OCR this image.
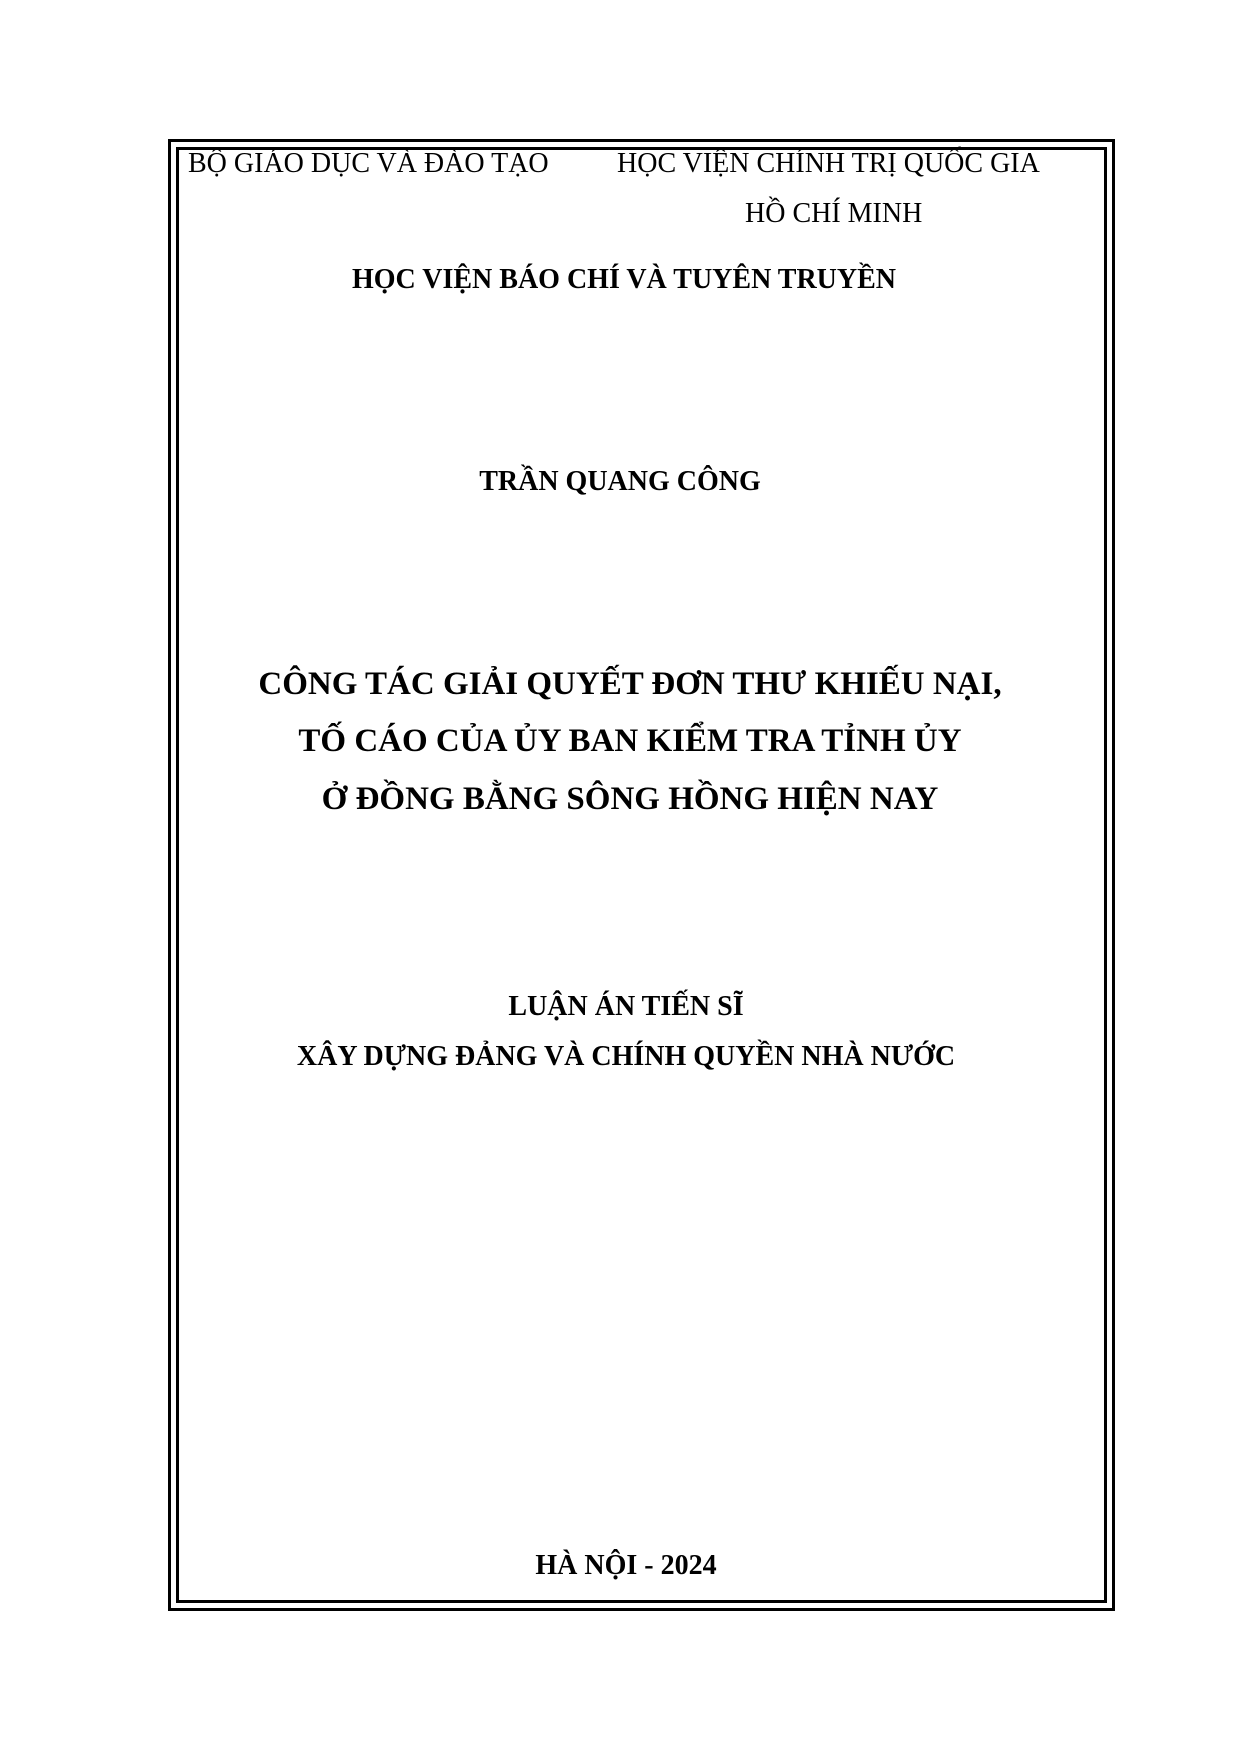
BỘ GIÁO DỤC VÀ ĐÀO TẠO HỌC VIỆN CHÍNH TRỊ QUỐC GIA
HỒ CHÍ MINH
HỌC VIỆN BÁO CHÍ VÀ TUYÊN TRUYỀN
TRẦN QUANG CÔNG
CÔNG TÁC GIẢI QUYẾT ĐƠN THƯ KHIẾU NẠI,
TỐ CÁO CỦA ỦY BAN KIỂM TRA TỈNH ỦY
Ở ĐỒNG BẰNG SÔNG HỒNG HIỆN NAY
LUẬN ÁN TIẾN SĨ
XÂY DỰNG ĐẢNG VÀ CHÍNH QUYỀN NHÀ NƯỚC
HÀ NỘI - 2024
